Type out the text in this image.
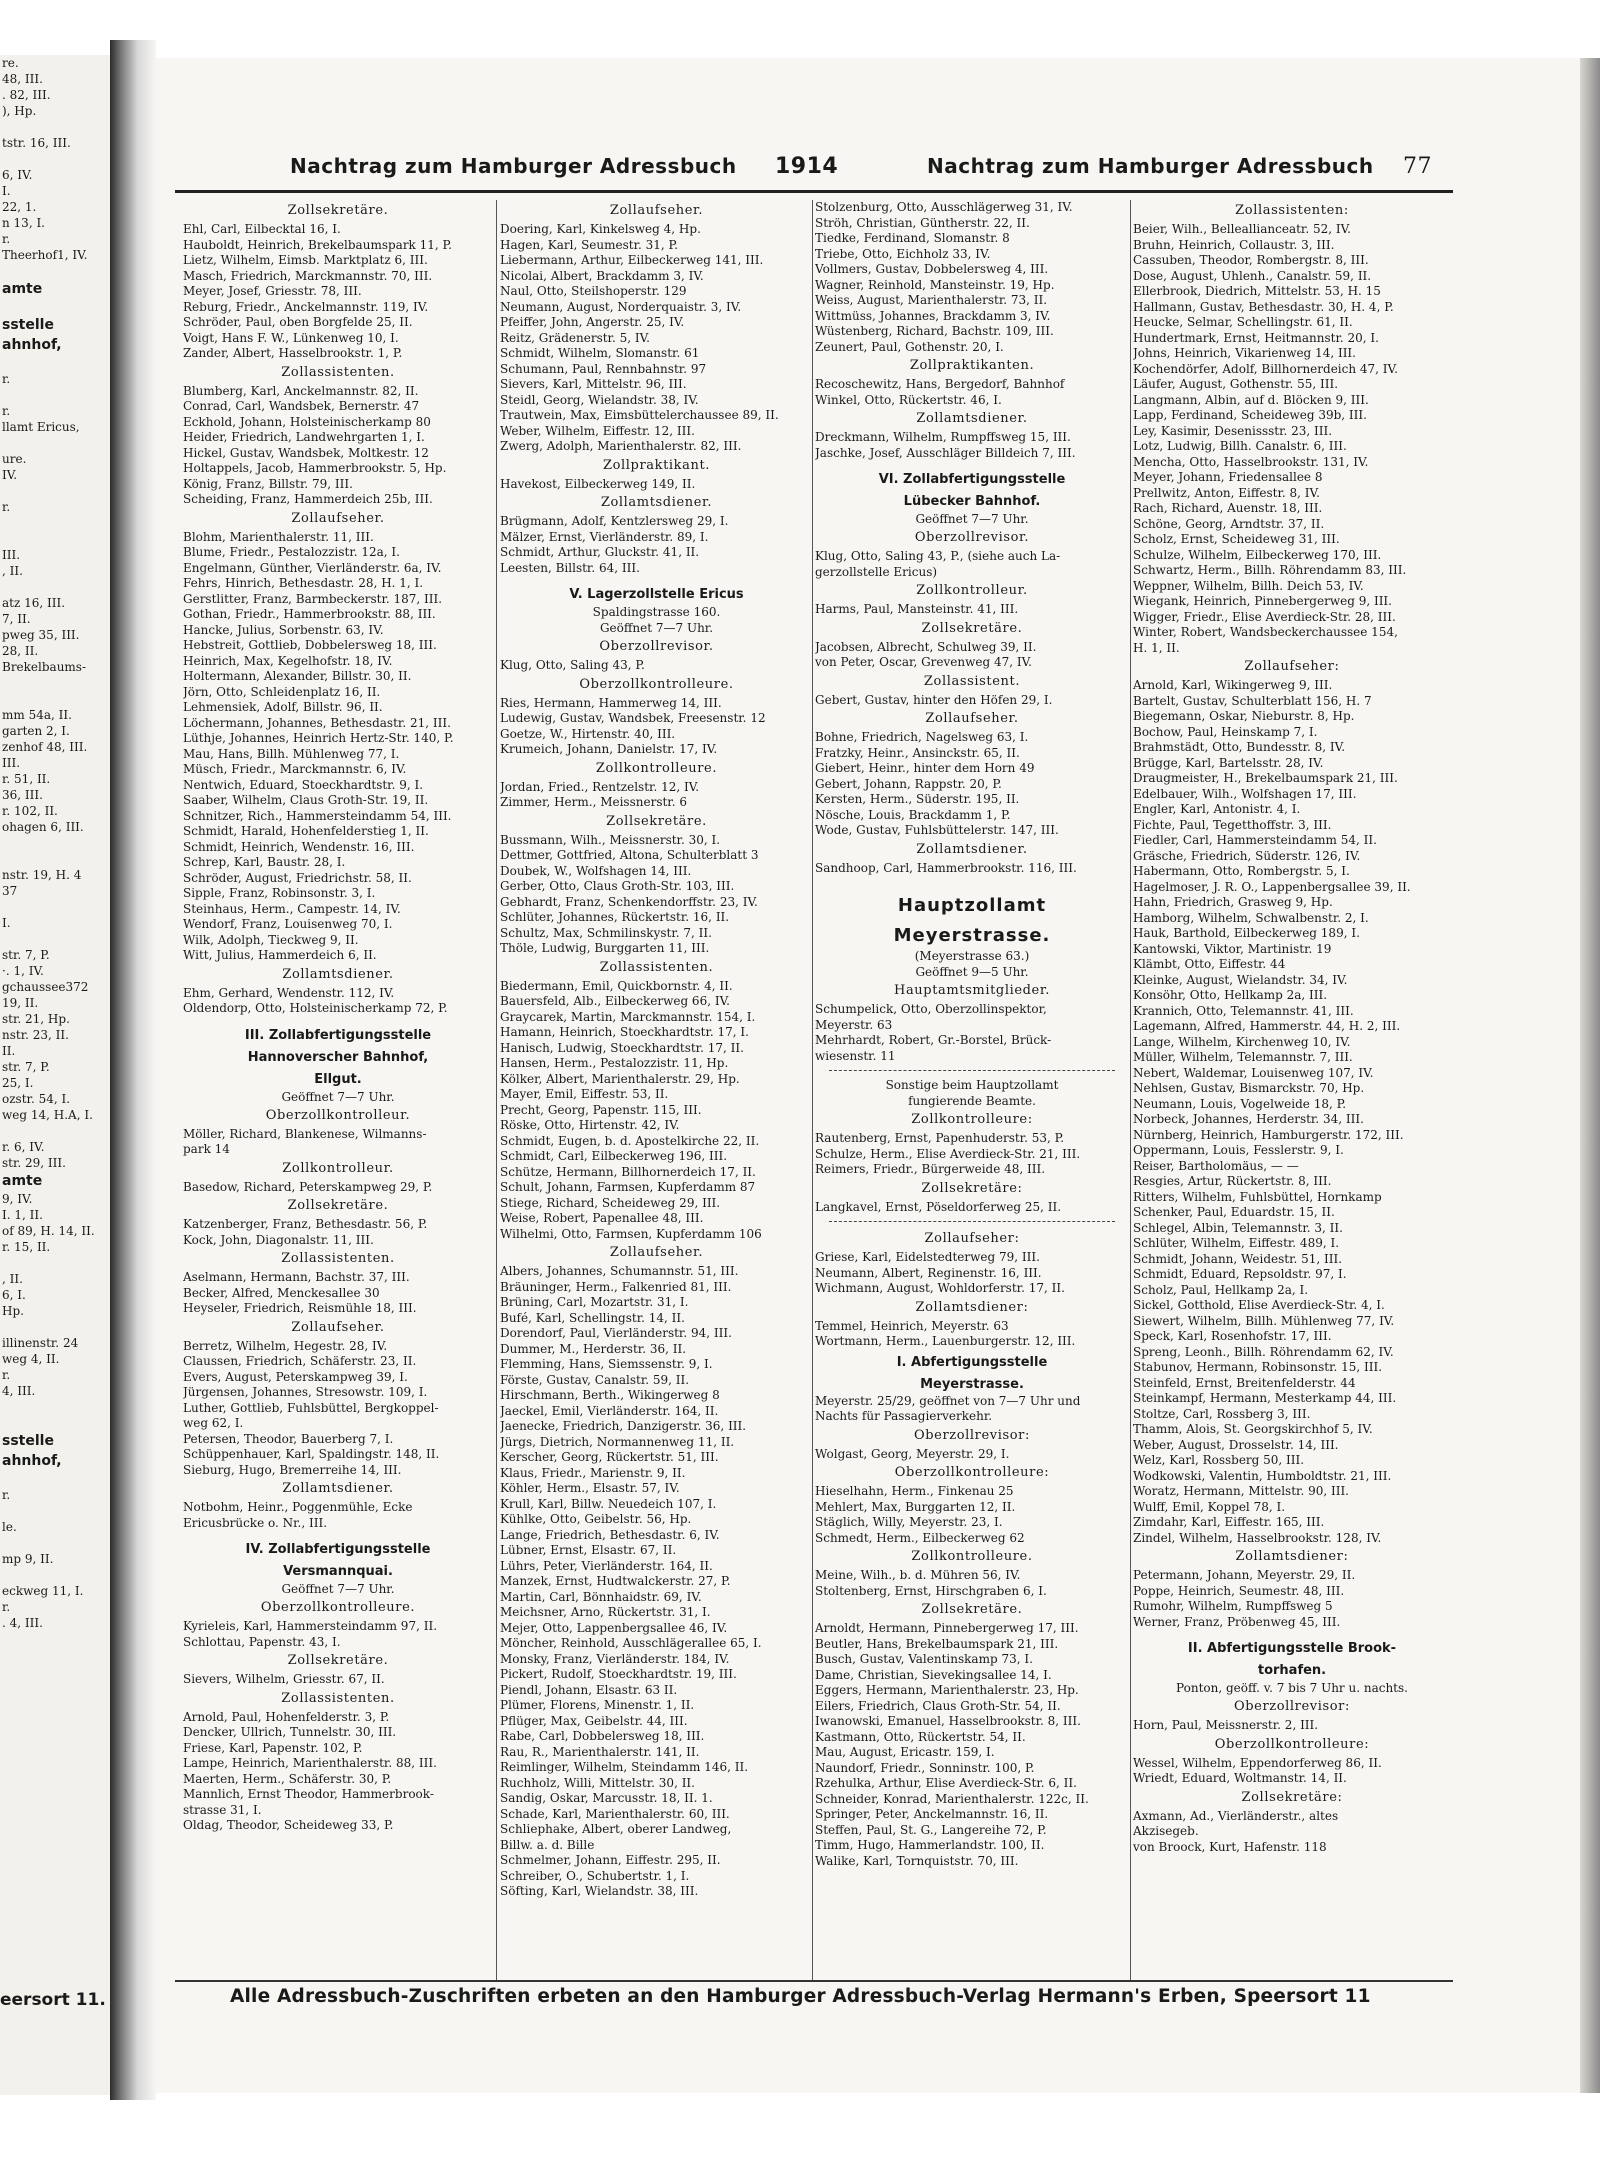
re.
48, III.
. 82, III.
), Hp.

tstr. 16, III.

6, IV.
I.
22, 1.
n 13, I.
r.
Theerhof1, IV.

amte

sstelle
ahnhof,

r.

r.
llamt Ericus,

ure.
IV.

r.

III.
, II.

atz 16, III.
7, II.
pweg 35, III.
28, II.
Brekelbaums-

mm 54a, II.
garten 2, I.
zenhof 48, III.
III.
r. 51, II.
36, III.
r. 102, II.
ohagen 6, III.

nstr. 19, H. 4
37

I.

str. 7, P.
·. 1, IV.
gchaussee372
19, II.
str. 21, Hp.
nstr. 23, II.
II.
str. 7, P.
25, I.
ozstr. 54, I.
weg 14, H.A, I.

r. 6, IV.
str. 29, III.
amte
9, IV.
I. 1, II.
of 89, H. 14, II.
r. 15, II.

, II.
6, I.
Hp.

illinenstr. 24
weg 4, II.
r.
4, III.

sstelle
ahnhof,

r.

le.

mp 9, II.

eckweg 11, I.
r.
. 4, III.
Nachtrag zum Hamburger Adressbuch 1914	Nachtrag zum Hamburger Adressbuch 77
Zollsekretäre.
Ehl, Carl, Eilbecktal 16, I.
Hauboldt, Heinrich, Brekelbaumspark 11, P.
Lietz, Wilhelm, Eimsb. Marktplatz 6, III.
Masch, Friedrich, Marckmannstr. 70, III.
Meyer, Josef, Griesstr. 78, III.
Reburg, Friedr., Anckelmannstr. 119, IV.
Schröder, Paul, oben Borgfelde 25, II.
Voigt, Hans F. W., Lünkenweg 10, I.
Zander, Albert, Hasselbrookstr. 1, P.
Zollassistenten.
Blumberg, Karl, Anckelmannstr. 82, II.
Conrad, Carl, Wandsbek, Bernerstr. 47
Eckhold, Johann, Holsteinischerkamp 80
Heider, Friedrich, Landwehrgarten 1, I.
Hickel, Gustav, Wandsbek, Moltkestr. 12
Holtappels, Jacob, Hammerbrookstr. 5, Hp.
König, Franz, Billstr. 79, III.
Scheiding, Franz, Hammerdeich 25b, III.
Zollaufseher.
Blohm, Marienthalerstr. 11, III.
Blume, Friedr., Pestalozzistr. 12a, I.
Engelmann, Günther, Vierländerstr. 6a, IV.
Fehrs, Hinrich, Bethesdastr. 28, H. 1, I.
Gerstlitter, Franz, Barmbeckerstr. 187, III.
Gothan, Friedr., Hammerbrookstr. 88, III.
Hancke, Julius, Sorbenstr. 63, IV.
Hebstreit, Gottlieb, Dobbelersweg 18, III.
Heinrich, Max, Kegelhofstr. 18, IV.
Holtermann, Alexander, Billstr. 30, II.
Jörn, Otto, Schleidenplatz 16, II.
Lehmensiek, Adolf, Billstr. 96, II.
Löchermann, Johannes, Bethesdastr. 21, III.
Lüthje, Johannes, Heinrich Hertz-Str. 140, P.
Mau, Hans, Billh. Mühlenweg 77, I.
Müsch, Friedr., Marckmannstr. 6, IV.
Nentwich, Eduard, Stoeckhardtstr. 9, I.
Saaber, Wilhelm, Claus Groth-Str. 19, II.
Schnitzer, Rich., Hammersteindamm 54, III.
Schmidt, Harald, Hohenfelderstieg 1, II.
Schmidt, Heinrich, Wendenstr. 16, III.
Schrep, Karl, Baustr. 28, I.
Schröder, August, Friedrichstr. 58, II.
Sipple, Franz, Robinsonstr. 3, I.
Steinhaus, Herm., Campestr. 14, IV.
Wendorf, Franz, Louisenweg 70, I.
Wilk, Adolph, Tieckweg 9, II.
Witt, Julius, Hammerdeich 6, II.
Zollamtsdiener.
Ehm, Gerhard, Wendenstr. 112, IV.
Oldendorp, Otto, Holsteinischerkamp 72, P.
III. Zollabfertigungsstelle
Hannoverscher Bahnhof,
Ellgut.
Geöffnet 7—7 Uhr.
Oberzollkontrolleur.
Möller, Richard, Blankenese, Wilmanns-
park 14
Zollkontrolleur.
Basedow, Richard, Peterskampweg 29, P.
Zollsekretäre.
Katzenberger, Franz, Bethesdastr. 56, P.
Kock, John, Diagonalstr. 11, III.
Zollassistenten.
Aselmann, Hermann, Bachstr. 37, III.
Becker, Alfred, Menckesallee 30
Heyseler, Friedrich, Reismühle 18, III.
Zollaufseher.
Berretz, Wilhelm, Hegestr. 28, IV.
Claussen, Friedrich, Schäferstr. 23, II.
Evers, August, Peterskampweg 39, I.
Jürgensen, Johannes, Stresowstr. 109, I.
Luther, Gottlieb, Fuhlsbüttel, Bergkoppel-
weg 62, I.
Petersen, Theodor, Bauerberg 7, I.
Schüppenhauer, Karl, Spaldingstr. 148, II.
Sieburg, Hugo, Bremerreihe 14, III.
Zollamtsdiener.
Notbohm, Heinr., Poggenmühle, Ecke
Ericusbrücke o. Nr., III.
IV. Zollabfertigungsstelle
Versmannquai.
Geöffnet 7—7 Uhr.
Oberzollkontrolleure.
Kyrieleis, Karl, Hammersteindamm 97, II.
Schlottau, Papenstr. 43, I.
Zollsekretäre.
Sievers, Wilhelm, Griesstr. 67, II.
Zollassistenten.
Arnold, Paul, Hohenfelderstr. 3, P.
Dencker, Ullrich, Tunnelstr. 30, III.
Friese, Karl, Papenstr. 102, P.
Lampe, Heinrich, Marienthalerstr. 88, III.
Maerten, Herm., Schäferstr. 30, P.
Mannlich, Ernst Theodor, Hammerbrook-
strasse 31, I.
Oldag, Theodor, Scheideweg 33, P.
Zollaufseher.
Doering, Karl, Kinkelsweg 4, Hp.
Hagen, Karl, Seumestr. 31, P.
Liebermann, Arthur, Eilbeckerweg 141, III.
Nicolai, Albert, Brackdamm 3, IV.
Naul, Otto, Steilshoperstr. 129
Neumann, August, Norderquaistr. 3, IV.
Pfeiffer, John, Angerstr. 25, IV.
Reitz, Grädenerstr. 5, IV.
Schmidt, Wilhelm, Slomanstr. 61
Schumann, Paul, Rennbahnstr. 97
Sievers, Karl, Mittelstr. 96, III.
Steidl, Georg, Wielandstr. 38, IV.
Trautwein, Max, Eimsbüttelerchaussee 89, II.
Weber, Wilhelm, Eiffestr. 12, III.
Zwerg, Adolph, Marienthalerstr. 82, III.
Zollpraktikant.
Havekost, Eilbeckerweg 149, II.
Zollamtsdiener.
Brügmann, Adolf, Kentzlersweg 29, I.
Mälzer, Ernst, Vierländerstr. 89, I.
Schmidt, Arthur, Gluckstr. 41, II.
Leesten, Billstr. 64, III.
V. Lagerzollstelle Ericus
Spaldingstrasse 160.
Geöffnet 7—7 Uhr.
Oberzollrevisor.
Klug, Otto, Saling 43, P.
Oberzollkontrolleure.
Ries, Hermann, Hammerweg 14, III.
Ludewig, Gustav, Wandsbek, Freesenstr. 12
Goetze, W., Hirtenstr. 40, III.
Krumeich, Johann, Danielstr. 17, IV.
Zollkontrolleure.
Jordan, Fried., Rentzelstr. 12, IV.
Zimmer, Herm., Meissnerstr. 6
Zollsekretäre.
Bussmann, Wilh., Meissnerstr. 30, I.
Dettmer, Gottfried, Altona, Schulterblatt 3
Doubek, W., Wolfshagen 14, III.
Gerber, Otto, Claus Groth-Str. 103, III.
Gebhardt, Franz, Schenkendorffstr. 23, IV.
Schlüter, Johannes, Rückertstr. 16, II.
Schultz, Max, Schmilinskystr. 7, II.
Thöle, Ludwig, Burggarten 11, III.
Zollassistenten.
Biedermann, Emil, Quickbornstr. 4, II.
Bauersfeld, Alb., Eilbeckerweg 66, IV.
Graycarek, Martin, Marckmannstr. 154, I.
Hamann, Heinrich, Stoeckhardtstr. 17, I.
Hanisch, Ludwig, Stoeckhardtstr. 17, II.
Hansen, Herm., Pestalozzistr. 11, Hp.
Kölker, Albert, Marienthalerstr. 29, Hp.
Mayer, Emil, Eiffestr. 53, II.
Precht, Georg, Papenstr. 115, III.
Röske, Otto, Hirtenstr. 42, IV.
Schmidt, Eugen, b. d. Apostelkirche 22, II.
Schmidt, Carl, Eilbeckerweg 196, III.
Schütze, Hermann, Billhornerdeich 17, II.
Schult, Johann, Farmsen, Kupferdamm 87
Stiege, Richard, Scheideweg 29, III.
Weise, Robert, Papenallee 48, III.
Wilhelmi, Otto, Farmsen, Kupferdamm 106
Zollaufseher.
Albers, Johannes, Schumannstr. 51, III.
Bräuninger, Herm., Falkenried 81, III.
Brüning, Carl, Mozartstr. 31, I.
Bufé, Karl, Schellingstr. 14, II.
Dorendorf, Paul, Vierländerstr. 94, III.
Dummer, M., Herderstr. 36, II.
Flemming, Hans, Siemssenstr. 9, I.
Förste, Gustav, Canalstr. 59, II.
Hirschmann, Berth., Wikingerweg 8
Jaeckel, Emil, Vierländerstr. 164, II.
Jaenecke, Friedrich, Danzigerstr. 36, III.
Jürgs, Dietrich, Normannenweg 11, II.
Kerscher, Georg, Rückertstr. 51, III.
Klaus, Friedr., Marienstr. 9, II.
Köhler, Herm., Elsastr. 57, IV.
Krull, Karl, Billw. Neuedeich 107, I.
Kühlke, Otto, Geibelstr. 56, Hp.
Lange, Friedrich, Bethesdastr. 6, IV.
Lübner, Ernst, Elsastr. 67, II.
Lührs, Peter, Vierländerstr. 164, II.
Manzek, Ernst, Hudtwalckerstr. 27, P.
Martin, Carl, Bönnhaidstr. 69, IV.
Meichsner, Arno, Rückertstr. 31, I.
Mejer, Otto, Lappenbergsallee 46, IV.
Möncher, Reinhold, Ausschlägerallee 65, I.
Monsky, Franz, Vierländerstr. 184, IV.
Pickert, Rudolf, Stoeckhardtstr. 19, III.
Piendl, Johann, Elsastr. 63 II.
Plümer, Florens, Minenstr. 1, II.
Pflüger, Max, Geibelstr. 44, III.
Rabe, Carl, Dobbelersweg 18, III.
Rau, R., Marienthalerstr. 141, II.
Reimlinger, Wilhelm, Steindamm 146, II.
Ruchholz, Willi, Mittelstr. 30, II.
Sandig, Oskar, Marcusstr. 18, II. 1.
Schade, Karl, Marienthalerstr. 60, III.
Schliephake, Albert, oberer Landweg,
Billw. a. d. Bille
Schmelmer, Johann, Eiffestr. 295, II.
Schreiber, O., Schubertstr. 1, I.
Söfting, Karl, Wielandstr. 38, III.
Stolzenburg, Otto, Ausschlägerweg 31, IV.
Ströh, Christian, Güntherstr. 22, II.
Tiedke, Ferdinand, Slomanstr. 8
Triebe, Otto, Eichholz 33, IV.
Vollmers, Gustav, Dobbelersweg 4, III.
Wagner, Reinhold, Mansteinstr. 19, Hp.
Weiss, August, Marienthalerstr. 73, II.
Wittmüss, Johannes, Brackdamm 3, IV.
Wüstenberg, Richard, Bachstr. 109, III.
Zeunert, Paul, Gothenstr. 20, I.
Zollpraktikanten.
Recoschewitz, Hans, Bergedorf, Bahnhof
Winkel, Otto, Rückertstr. 46, I.
Zollamtsdiener.
Dreckmann, Wilhelm, Rumpffsweg 15, III.
Jaschke, Josef, Ausschläger Billdeich 7, III.
VI. Zollabfertigungsstelle
Lübecker Bahnhof.
Geöffnet 7—7 Uhr.
Oberzollrevisor.
Klug, Otto, Saling 43, P., (siehe auch La-
gerzollstelle Ericus)
Zollkontrolleur.
Harms, Paul, Mansteinstr. 41, III.
Zollsekretäre.
Jacobsen, Albrecht, Schulweg 39, II.
von Peter, Oscar, Grevenweg 47, IV.
Zollassistent.
Gebert, Gustav, hinter den Höfen 29, I.
Zollaufseher.
Bohne, Friedrich, Nagelsweg 63, I.
Fratzky, Heinr., Ansinckstr. 65, II.
Giebert, Heinr., hinter dem Horn 49
Gebert, Johann, Rappstr. 20, P.
Kersten, Herm., Süderstr. 195, II.
Nösche, Louis, Brackdamm 1, P.
Wode, Gustav, Fuhlsbüttelerstr. 147, III.
Zollamtsdiener.
Sandhoop, Carl, Hammerbrookstr. 116, III.
Hauptzollamt
Meyerstrasse.
(Meyerstrasse 63.)
Geöffnet 9—5 Uhr.
Hauptamtsmitglieder.
Schumpelick, Otto, Oberzollinspektor,
Meyerstr. 63
Mehrhardt, Robert, Gr.-Borstel, Brück-
wiesenstr. 11
Sonstige beim Hauptzollamt
fungierende Beamte.
Zollkontrolleure:
Rautenberg, Ernst, Papenhuderstr. 53, P.
Schulze, Herm., Elise Averdieck-Str. 21, III.
Reimers, Friedr., Bürgerweide 48, III.
Zollsekretäre:
Langkavel, Ernst, Pöseldorferweg 25, II.
Zollaufseher:
Griese, Karl, Eidelstedterweg 79, III.
Neumann, Albert, Reginenstr. 16, III.
Wichmann, August, Wohldorferstr. 17, II.
Zollamtsdiener:
Temmel, Heinrich, Meyerstr. 63
Wortmann, Herm., Lauenburgerstr. 12, III.
I. Abfertigungsstelle
Meyerstrasse.
Meyerstr. 25/29, geöffnet von 7—7 Uhr und
Nachts für Passagierverkehr.
Oberzollrevisor:
Wolgast, Georg, Meyerstr. 29, I.
Oberzollkontrolleure:
Hieselhahn, Herm., Finkenau 25
Mehlert, Max, Burggarten 12, II.
Stäglich, Willy, Meyerstr. 23, I.
Schmedt, Herm., Eilbeckerweg 62
Zollkontrolleure.
Meine, Wilh., b. d. Mühren 56, IV.
Stoltenberg, Ernst, Hirschgraben 6, I.
Zollsekretäre.
Arnoldt, Hermann, Pinnebergerweg 17, III.
Beutler, Hans, Brekelbaumspark 21, III.
Busch, Gustav, Valentinskamp 73, I.
Dame, Christian, Sievekingsallee 14, I.
Eggers, Hermann, Marienthalerstr. 23, Hp.
Eilers, Friedrich, Claus Groth-Str. 54, II.
Iwanowski, Emanuel, Hasselbrookstr. 8, III.
Kastmann, Otto, Rückertstr. 54, II.
Mau, August, Ericastr. 159, I.
Naundorf, Friedr., Sonninstr. 100, P.
Rzehulka, Arthur, Elise Averdieck-Str. 6, II.
Schneider, Konrad, Marienthalerstr. 122c, II.
Springer, Peter, Anckelmannstr. 16, II.
Steffen, Paul, St. G., Langereihe 72, P.
Timm, Hugo, Hammerlandstr. 100, II.
Walike, Karl, Tornquiststr. 70, III.
Zollassistenten:
Beier, Wilh., Belleallianceatr. 52, IV.
Bruhn, Heinrich, Collaustr. 3, III.
Cassuben, Theodor, Rombergstr. 8, III.
Dose, August, Uhlenh., Canalstr. 59, II.
Ellerbrook, Diedrich, Mittelstr. 53, H. 15
Hallmann, Gustav, Bethesdastr. 30, H. 4, P.
Heucke, Selmar, Schellingstr. 61, II.
Hundertmark, Ernst, Heitmannstr. 20, I.
Johns, Heinrich, Vikarienweg 14, III.
Kochendörfer, Adolf, Billhornerdeich 47, IV.
Läufer, August, Gothenstr. 55, III.
Langmann, Albin, auf d. Blöcken 9, III.
Lapp, Ferdinand, Scheideweg 39b, III.
Ley, Kasimir, Desenissstr. 23, III.
Lotz, Ludwig, Billh. Canalstr. 6, III.
Mencha, Otto, Hasselbrookstr. 131, IV.
Meyer, Johann, Friedensallee 8
Prellwitz, Anton, Eiffestr. 8, IV.
Rach, Richard, Auenstr. 18, III.
Schöne, Georg, Arndtstr. 37, II.
Scholz, Ernst, Scheideweg 31, III.
Schulze, Wilhelm, Eilbeckerweg 170, III.
Schwartz, Herm., Billh. Röhrendamm 83, III.
Weppner, Wilhelm, Billh. Deich 53, IV.
Wiegank, Heinrich, Pinnebergerweg 9, III.
Wigger, Friedr., Elise Averdieck-Str. 28, III.
Winter, Robert, Wandsbeckerchaussee 154,
H. 1, II.
Zollaufseher:
Arnold, Karl, Wikingerweg 9, III.
Bartelt, Gustav, Schulterblatt 156, H. 7
Biegemann, Oskar, Nieburstr. 8, Hp.
Bochow, Paul, Heinskamp 7, I.
Brahmstädt, Otto, Bundesstr. 8, IV.
Brügge, Karl, Bartelsstr. 28, IV.
Draugmeister, H., Brekelbaumspark 21, III.
Edelbauer, Wilh., Wolfshagen 17, III.
Engler, Karl, Antonistr. 4, I.
Fichte, Paul, Tegetthoffstr. 3, III.
Fiedler, Carl, Hammersteindamm 54, II.
Gräsche, Friedrich, Süderstr. 126, IV.
Habermann, Otto, Rombergstr. 5, I.
Hagelmoser, J. R. O., Lappenbergsallee 39, II.
Hahn, Friedrich, Grasweg 9, Hp.
Hamborg, Wilhelm, Schwalbenstr. 2, I.
Hauk, Barthold, Eilbeckerweg 189, I.
Kantowski, Viktor, Martinistr. 19
Klämbt, Otto, Eiffestr. 44
Kleinke, August, Wielandstr. 34, IV.
Konsöhr, Otto, Hellkamp 2a, III.
Krannich, Otto, Telemannstr. 41, III.
Lagemann, Alfred, Hammerstr. 44, H. 2, III.
Lange, Wilhelm, Kirchenweg 10, IV.
Müller, Wilhelm, Telemannstr. 7, III.
Nebert, Waldemar, Louisenweg 107, IV.
Nehlsen, Gustav, Bismarckstr. 70, Hp.
Neumann, Louis, Vogelweide 18, P.
Norbeck, Johannes, Herderstr. 34, III.
Nürnberg, Heinrich, Hamburgerstr. 172, III.
Oppermann, Louis, Fesslerstr. 9, I.
Reiser, Bartholomäus, — —
Resgies, Artur, Rückertstr. 8, III.
Ritters, Wilhelm, Fuhlsbüttel, Hornkamp
Schenker, Paul, Eduardstr. 15, II.
Schlegel, Albin, Telemannstr. 3, II.
Schlüter, Wilhelm, Eiffestr. 489, I.
Schmidt, Johann, Weidestr. 51, III.
Schmidt, Eduard, Repsoldstr. 97, I.
Scholz, Paul, Hellkamp 2a, I.
Sickel, Gotthold, Elise Averdieck-Str. 4, I.
Siewert, Wilhelm, Billh. Mühlenweg 77, IV.
Speck, Karl, Rosenhofstr. 17, III.
Spreng, Leonh., Billh. Röhrendamm 62, IV.
Stabunov, Hermann, Robinsonstr. 15, III.
Steinfeld, Ernst, Breitenfelderstr. 44
Steinkampf, Hermann, Mesterkamp 44, III.
Stoltze, Carl, Rossberg 3, III.
Thamm, Alois, St. Georgskirchhof 5, IV.
Weber, August, Drosselstr. 14, III.
Welz, Karl, Rossberg 50, III.
Wodkowski, Valentin, Humboldtstr. 21, III.
Woratz, Hermann, Mittelstr. 90, III.
Wulff, Emil, Koppel 78, I.
Zimdahr, Karl, Eiffestr. 165, III.
Zindel, Wilhelm, Hasselbrookstr. 128, IV.
Zollamtsdiener:
Petermann, Johann, Meyerstr. 29, II.
Poppe, Heinrich, Seumestr. 48, III.
Rumohr, Wilhelm, Rumpffsweg 5
Werner, Franz, Pröbenweg 45, III.
II. Abfertigungsstelle Brook-
torhafen.
Ponton, geöff. v. 7 bis 7 Uhr u. nachts.
Oberzollrevisor:
Horn, Paul, Meissnerstr. 2, III.
Oberzollkontrolleure:
Wessel, Wilhelm, Eppendorferweg 86, II.
Wriedt, Eduard, Woltmanstr. 14, II.
Zollsekretäre:
Axmann, Ad., Vierländerstr., altes
Akzisegeb.
von Broock, Kurt, Hafenstr. 118
Alle Adressbuch-Zuschriften erbeten an den Hamburger Adressbuch-Verlag Hermann's Erben, Speersort 11
eersort 11.
